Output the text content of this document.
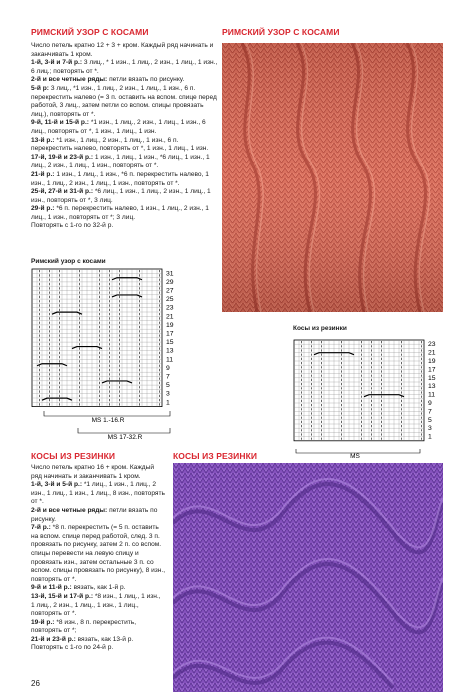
РИМСКИЙ УЗОР С КОСАМИ	РИМСКИЙ УЗОР С КОСАМИ

Число петель кратно 12 + 3 + кром. Каждый ряд начинать и заканчивать 1 кром.

1-й, 3-й и 7-й р.: 3 лиц., * 1 изн., 1 лиц., 2 изн., 1 лиц., 1 изн., 6 лиц.; повторять от *.

2-й и все четные ряды: петли вязать по рисунку.

5-й р: 3 лиц., *1 изн., 1 лиц., 2 изн., 1 лиц., 1 изн., 6 п. перекрестить налево (= 3 п. оставить на вспом. спице перед работой, 3 лиц., затем петли со вспом. спицы провязать лиц.), повторять от *.

9-й, 11-й и 15-й р.: *1 изн., 1 лиц., 2 изн., 1 лиц., 1 изн., 6 лиц., повторять от *, 1 изн., 1 лиц., 1 изн.

13-й р.: *1 изн., 1 лиц., 2 изн., 1 лиц., 1 изн., 6 п. перекрестить налево, повторять от *, 1 изн., 1 лиц., 1 изн.

17-й, 19-й и 23-й р.: 1 изн., 1 лиц., 1 изн., *6 лиц., 1 изн., 1 лиц., 2 изн., 1 лиц., 1 изн., повторять от *.

21-й р.: 1 изн., 1 лиц., 1 изн., *6 п. перекрестить налево, 1 изн., 1 лиц., 2 изн., 1 лиц., 1 изн., повторять от *.

25-й, 27-й и 31-й р.: *6 лиц., 1 изн., 1 лиц., 2 изн., 1 лиц., 1 изн., повторять от *, 3 лиц.

29-й р.: *6 п. перекрестить налево, 1 изн., 1 лиц., 2 изн., 1 лиц., 1 изн., повторять от *; 3 лиц.

Повторять с 1-го по 32-й р.

Римский узор с косами
MS 1.-16.R
MS 17-32.R
31
29
27
25
23
21
19
17
15
13
11
9
7
5
3
1
Косы из резинки
MS
23
21
19
17
15
13
11
9
7
5
3
1
КОСЫ ИЗ РЕЗИНКИ	КОСЫ ИЗ РЕЗИНКИ

Число петель кратно 16 + кром. Каждый ряд начинать и заканчивать 1 кром.

1-й, 3-й и 5-й р.: *1 лиц., 1 изн., 1 лиц., 2 изн., 1 лиц., 1 изн., 1 лиц., 8 изн., повторять от *.

2-й и все четные ряды: петли вязать по рисунку.

7-й р.: *8 п. перекрестить (= 5 п. оставить на вспом. спице перед работой, след. 3 п. провязать по рисунку, затем 2 п. со вспом. спицы перевести на левую спицу и провязать изн., затем остальные 3 п. со вспом. спицы провязать по рисунку), 8 изн., повторять от *.

9-й и 11-й р.: вязать, как 1-й р.

13-й, 15-й и 17-й р.: *8 изн., 1 лиц., 1 изн., 1 лиц., 2 изн., 1 лиц., 1 изн., 1 лиц., повторять от *.

19-й р.: *8 изн., 8 п. перекрестить, повторять от *;

21-й и 23-й р.: вязать, как 13-й р.

Повторять с 1-го по 24-й р.

26
